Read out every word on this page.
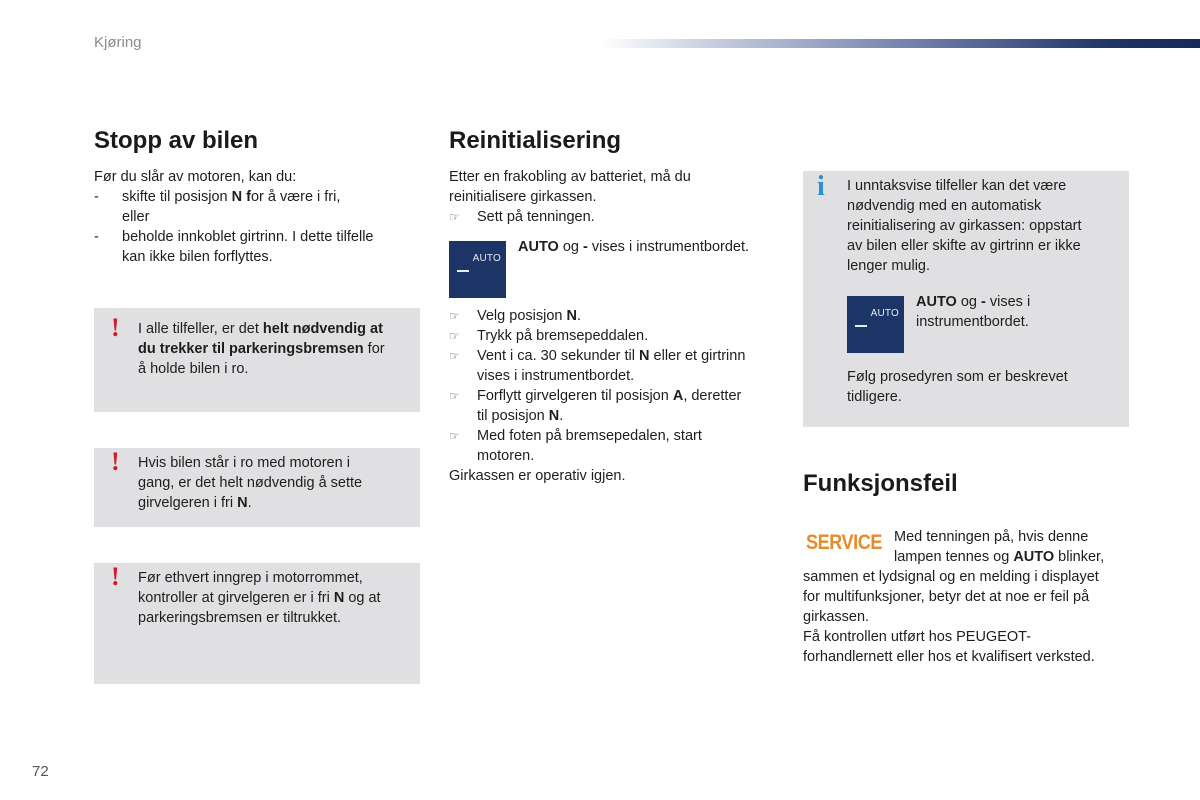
Kjøring
Stopp av bilen
Før du slår av motoren, kan du:
- skifte til posisjon N for å være i fri,
eller
- beholde innkoblet girtrinn. I dette tilfelle
kan ikke bilen forflyttes.
! I alle tilfeller, er det helt nødvendig at
du trekker til parkeringsbremsen for
å holde bilen i ro.
! Hvis bilen står i ro med motoren i
gang, er det helt nødvendig å sette
girvelgeren i fri N.
! Før ethvert inngrep i motorrommet,
kontroller at girvelgeren er i fri N og at
parkeringsbremsen er tiltrukket.
Reinitialisering
Etter en frakobling av batteriet, må du
reinitialisere girkassen.
☞ Sett på tenningen.
AUTO
AUTO og - vises i instrumentbordet.
☞ Velg posisjon N.
☞ Trykk på bremsepeddalen.
☞ Vent i ca. 30 sekunder til N eller et girtrinn
vises i instrumentbordet.
☞ Forflytt girvelgeren til posisjon A, deretter
til posisjon N.
☞ Med foten på bremsepedalen, start
motoren.
Girkassen er operativ igjen.
i I unntaksvise tilfeller kan det være
nødvendig med en automatisk
reinitialisering av girkassen: oppstart
av bilen eller skifte av girtrinn er ikke
lenger mulig.
AUTO
AUTO og - vises i
instrumentbordet.
Følg prosedyren som er beskrevet
tidligere.
Funksjonsfeil
SERVICE Med tenningen på, hvis denne
lampen tennes og AUTO blinker,
sammen et lydsignal og en melding i displayet
for multifunksjoner, betyr det at noe er feil på
girkassen.
Få kontrollen utført hos PEUGEOT-
forhandlernett eller hos et kvalifisert verksted.
72
